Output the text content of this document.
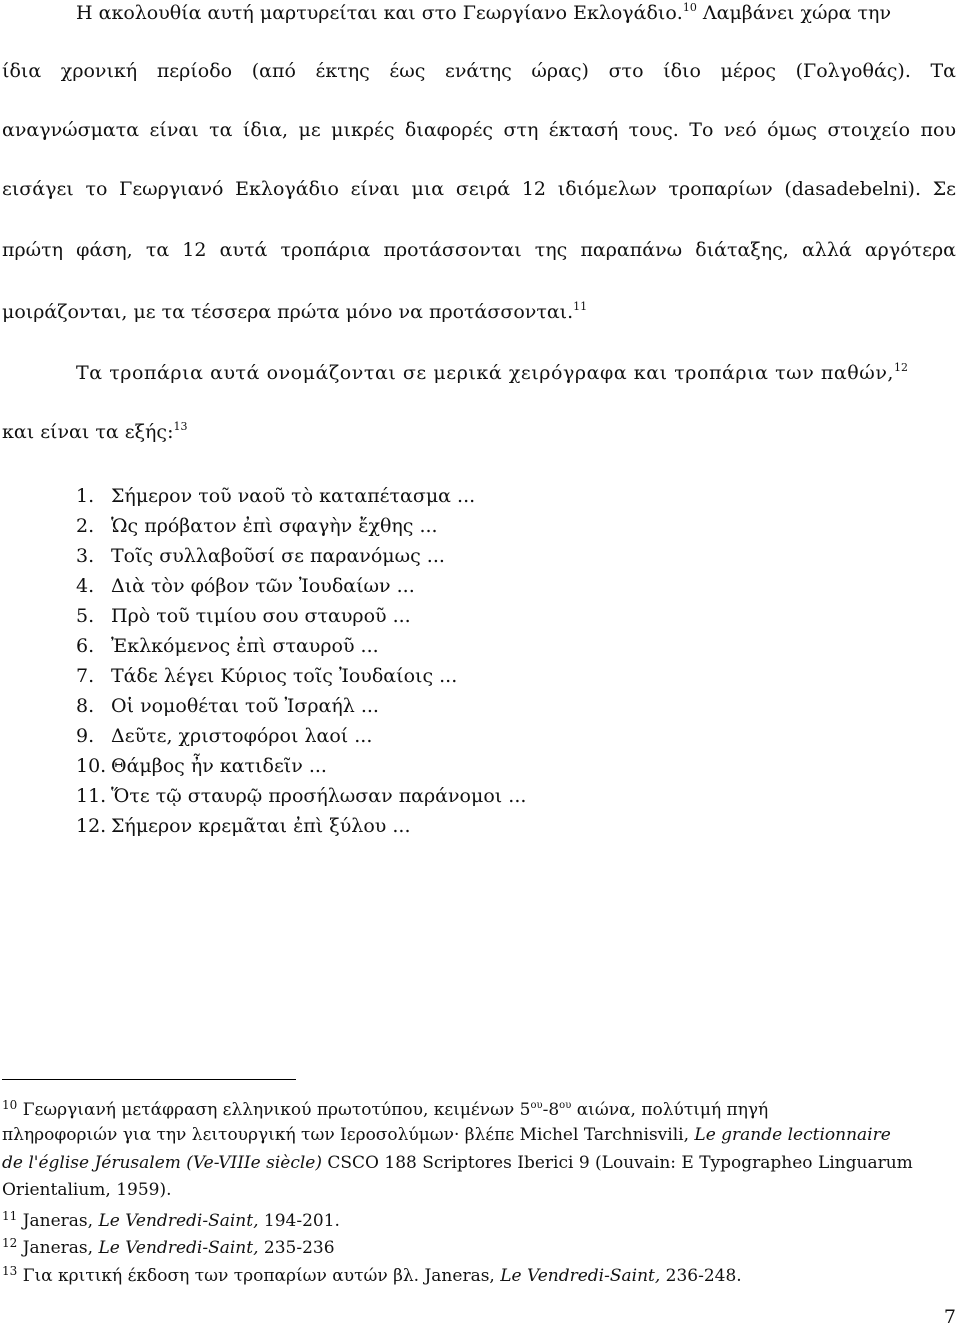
Η ακολουθία αυτή μαρτυρείται και στο Γεωργίανο Εκλογάδιο.$^{10}$ Λαμβάνει χώρα την
ίδια χρονική περίοδο (από έκτης έως ενάτης ώρας) στο ίδιο μέρος (Γολγοθάς). Τα
αναγνώσματα είναι τα ίδια, με μικρές διαφορές στη έκτασή τους. Το νεό όμως στοιχείο που
εισάγει το Γεωργιανό Εκλογάδιο είναι μια σειρά 12 ιδιόμελων τροπαρίων (dasadebelni). Σε
πρώτη φάση, τα 12 αυτά τροπάρια προτάσσονται της παραπάνω διάταξης, αλλά αργότερα
μοιράζονται, με τα τέσσερα πρώτα μόνο να προτάσσονται.$^{11}$
Τα τροπάρια αυτά ονομάζονται σε μερικά χειρόγραφα και τροπάρια των παθών,$^{12}$
και είναι τα εξής:$^{13}$
1. Σήμερον τοῦ ναοῦ τὸ καταπέτασμα ...
2. Ὡς πρόβατον ἐπὶ σφαγὴν ἔχθης ...
3. Τοῖς συλλαβοῦσί σε παρανόμως ...
4. Διὰ τὸν φόβον τῶν Ἰουδαίων ...
5. Πρὸ τοῦ τιμίου σου σταυροῦ ...
6. Ἐκλκόμενος ἐπὶ σταυροῦ ...
7. Τάδε λέγει Κύριος τοῖς Ἰουδαίοις ...
8. Οἱ νομοθέται τοῦ Ἰσραήλ ...
9. Δεῦτε, χριστοφόροι λαοί ...
10. Θάμβος ἦν κατιδεῖν ...
11. Ὅτε τῷ σταυρῷ προσήλωσαν παράνομοι ...
12. Σήμερον κρεμᾶται ἐπὶ ξύλου ...
$^{10}$ Γεωργιανή μετάφραση ελληνικού πρωτοτύπου, κειμένων $5^{o\upsilon}-8^{o\upsilon}$ αιώνα, πολύτιμή πηγή
πληροφοριών για την λειτουργική των Ιεροσολύμων· βλέπε Michel Tarchnisvili, Le grande lectionnaire
de l'église Jérusalem (Ve-VIIIe siècle) CSCO 188 Scriptores Iberici 9 (Louvain: E Typographeo Linguarum
Orientalium, 1959).
$^{11}$ Janeras, Le Vendredi-Saint, 194-201.
$^{12}$ Janeras, Le Vendredi-Saint, 235-236
$^{13}$ Για κριτική έκδοση των τροπαρίων αυτών βλ. Janeras, Le Vendredi-Saint, 236-248.
7
